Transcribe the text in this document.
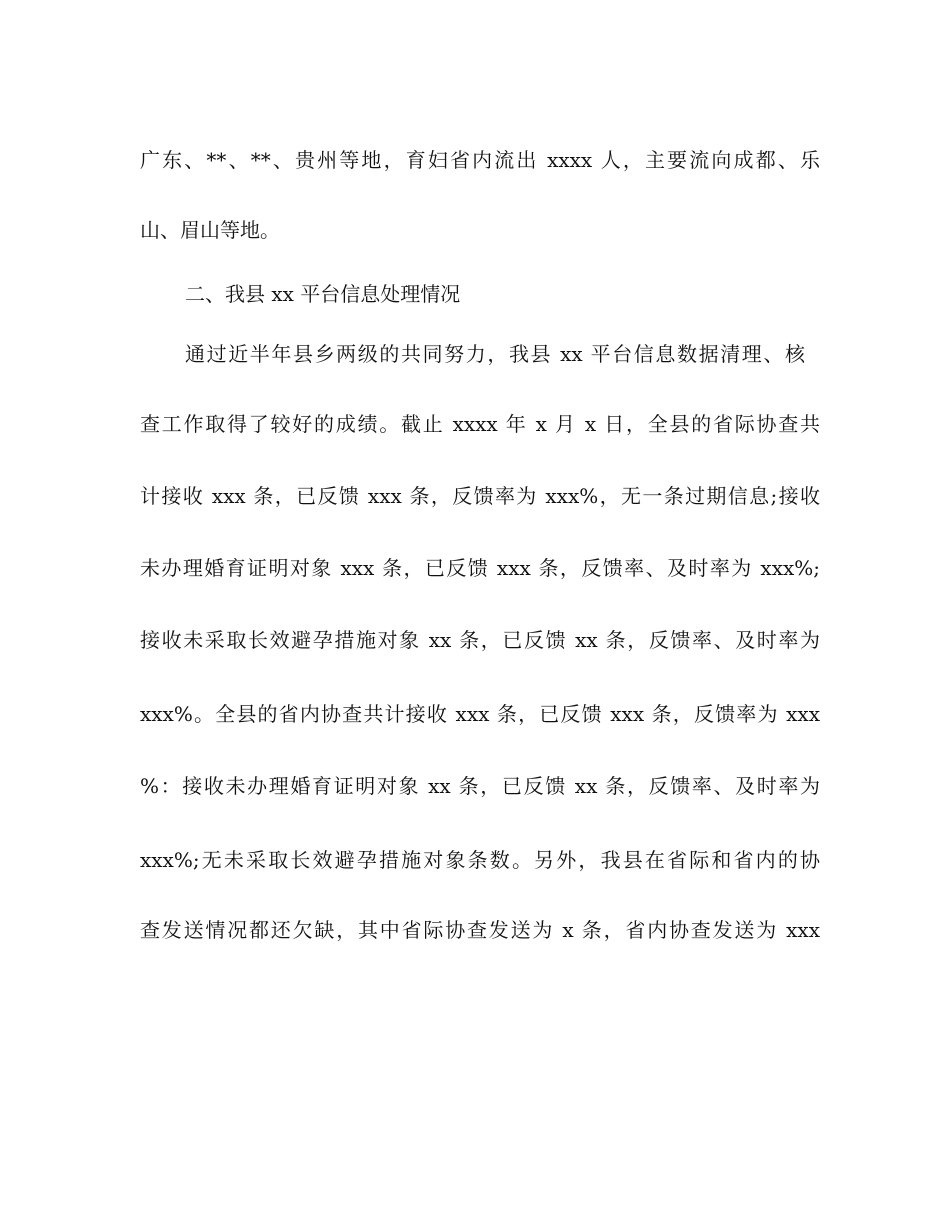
广东、**、**、贵州等地，育妇省内流出 xxxx 人，主要流向成都、乐
山、眉山等地。
二、我县 xx 平台信息处理情况
通过近半年县乡两级的共同努力，我县 xx 平台信息数据清理、核
查工作取得了较好的成绩。截止 xxxx 年 x 月 x 日，全县的省际协查共
计接收 xxx 条，已反馈 xxx 条，反馈率为 xxx%，无一条过期信息;接收
未办理婚育证明对象 xxx 条，已反馈 xxx 条，反馈率、及时率为 xxx%;
接收未采取长效避孕措施对象 xx 条，已反馈 xx 条，反馈率、及时率为
xxx%。全县的省内协查共计接收 xxx 条，已反馈 xxx 条，反馈率为 xxx
%：接收未办理婚育证明对象 xx 条，已反馈 xx 条，反馈率、及时率为
xxx%;无未采取长效避孕措施对象条数。另外，我县在省际和省内的协
查发送情况都还欠缺，其中省际协查发送为 x 条，省内协查发送为 xxx
